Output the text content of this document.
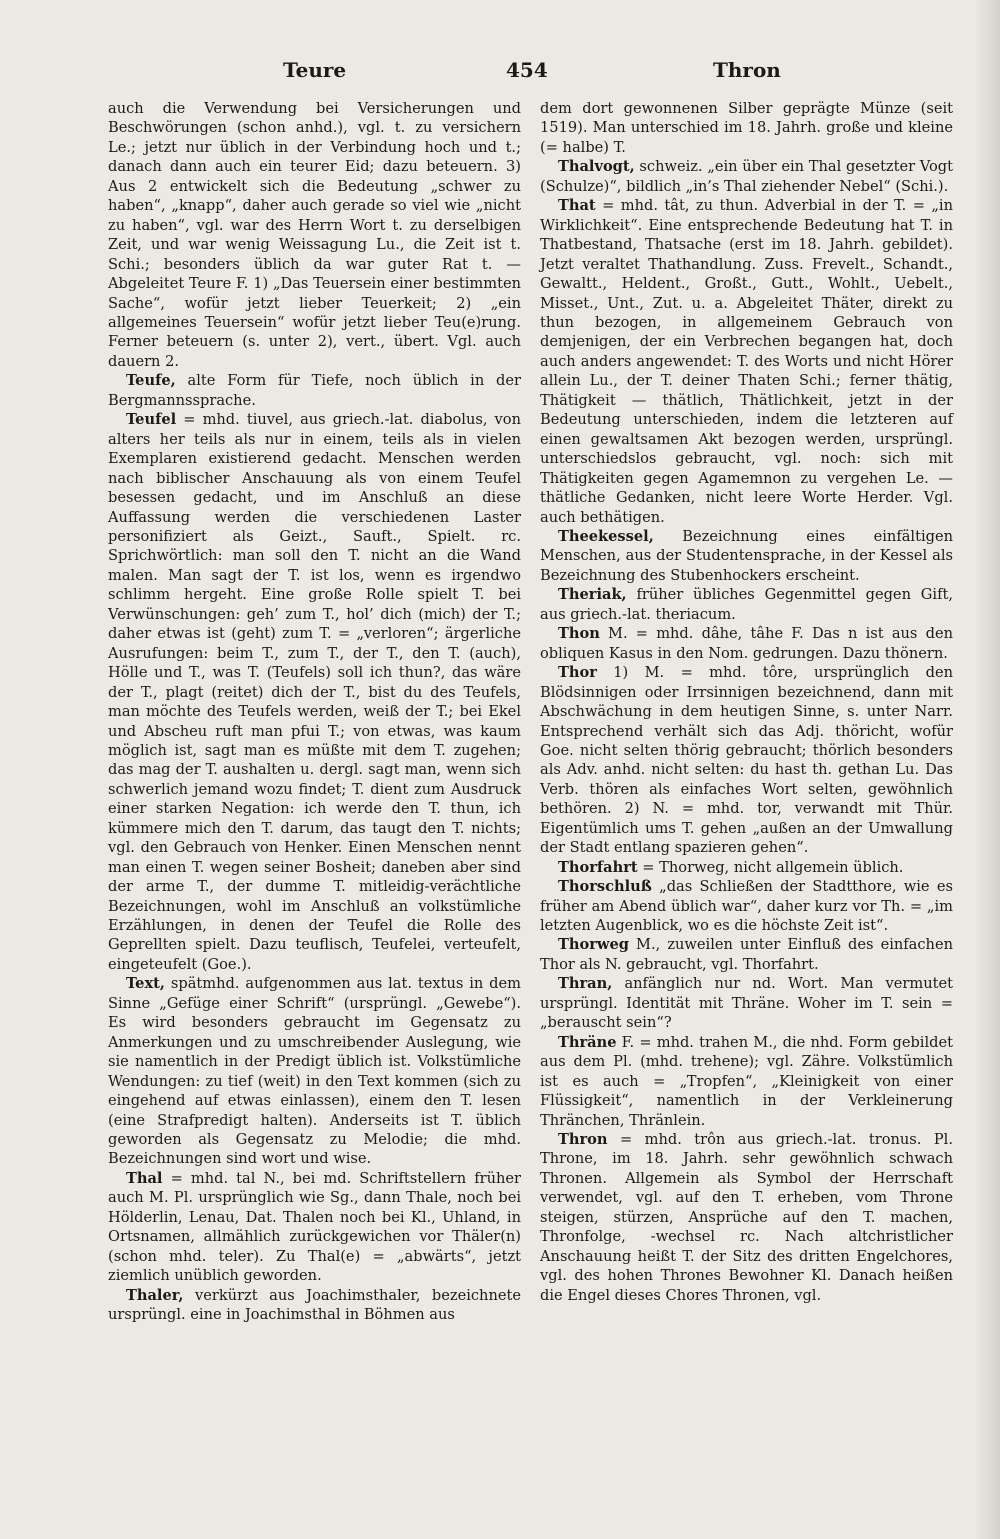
Teure	454	Thron

auch die Verwendung bei Versicherungen und Beschwörungen (schon anhd.), vgl. t. zu versichern Le.; jetzt nur üblich in der Verbindung hoch und t.; danach dann auch ein teurer Eid; dazu beteuern. 3) Aus 2 entwickelt sich die Bedeutung „schwer zu haben“, „knapp“, daher auch gerade so viel wie „nicht zu haben“, vgl. war des Herrn Wort t. zu derselbigen Zeit, und war wenig Weissagung Lu., die Zeit ist t. Schi.; besonders üblich da war guter Rat t. — Abgeleitet Teure F. 1) „Das Teuersein einer bestimmten Sache“, wofür jetzt lieber Teuerkeit; 2) „ein allgemeines Teuersein“ wofür jetzt lieber Teu(e)rung. Ferner beteuern (s. unter 2), vert., übert. Vgl. auch dauern 2.

Teufe, alte Form für Tiefe, noch üblich in der Bergmannssprache.

Teufel = mhd. tiuvel, aus griech.-lat. diabolus, von alters her teils als nur in einem, teils als in vielen Exemplaren existierend gedacht. Menschen werden nach biblischer Anschauung als von einem Teufel besessen gedacht, und im Anschluß an diese Auffassung werden die verschiedenen Laster personifiziert als Geizt., Sauft., Spielt. rc. Sprichwörtlich: man soll den T. nicht an die Wand malen. Man sagt der T. ist los, wenn es irgendwo schlimm hergeht. Eine große Rolle spielt T. bei Verwünschungen: geh’ zum T., hol’ dich (mich) der T.; daher etwas ist (geht) zum T. = „verloren“; ärgerliche Ausrufungen: beim T., zum T., der T., den T. (auch), Hölle und T., was T. (Teufels) soll ich thun?, das wäre der T., plagt (reitet) dich der T., bist du des Teufels, man möchte des Teufels werden, weiß der T.; bei Ekel und Abscheu ruft man pfui T.; von etwas, was kaum möglich ist, sagt man es müßte mit dem T. zugehen; das mag der T. aushalten u. dergl. sagt man, wenn sich schwerlich jemand wozu findet; T. dient zum Ausdruck einer starken Negation: ich werde den T. thun, ich kümmere mich den T. darum, das taugt den T. nichts; vgl. den Gebrauch von Henker. Einen Menschen nennt man einen T. wegen seiner Bosheit; daneben aber sind der arme T., der dumme T. mitleidig-verächtliche Bezeichnungen, wohl im Anschluß an volkstümliche Erzählungen, in denen der Teufel die Rolle des Geprellten spielt. Dazu teuflisch, Teufelei, verteufelt, eingeteufelt (Goe.).

Text, spätmhd. aufgenommen aus lat. textus in dem Sinne „Gefüge einer Schrift“ (ursprüngl. „Gewebe“). Es wird besonders gebraucht im Gegensatz zu Anmerkungen und zu umschreibender Auslegung, wie sie namentlich in der Predigt üblich ist. Volkstümliche Wendungen: zu tief (weit) in den Text kommen (sich zu eingehend auf etwas einlassen), einem den T. lesen (eine Strafpredigt halten). Anderseits ist T. üblich geworden als Gegensatz zu Melodie; die mhd. Bezeichnungen sind wort und wise.

Thal = mhd. tal N., bei md. Schriftstellern früher auch M. Pl. ursprünglich wie Sg., dann Thale, noch bei Hölderlin, Lenau, Dat. Thalen noch bei Kl., Uhland, in Ortsnamen, allmählich zurückgewichen vor Thäler(n) (schon mhd. teler). Zu Thal(e) = „abwärts“, jetzt ziemlich unüblich geworden.

Thaler, verkürzt aus Joachimsthaler, bezeichnete ursprüngl. eine in Joachimsthal in Böhmen aus

dem dort gewonnenen Silber geprägte Münze (seit 1519). Man unterschied im 18. Jahrh. große und kleine (= halbe) T.

Thalvogt, schweiz. „ein über ein Thal gesetzter Vogt (Schulze)“, bildlich „in’s Thal ziehender Nebel“ (Schi.).

That = mhd. tât, zu thun. Adverbial in der T. = „in Wirklichkeit“. Eine entsprechende Bedeutung hat T. in Thatbestand, Thatsache (erst im 18. Jahrh. gebildet). Jetzt veraltet Thathandlung. Zuss. Frevelt., Schandt., Gewaltt., Heldent., Großt., Gutt., Wohlt., Uebelt., Misset., Unt., Zut. u. a. Abgeleitet Thäter, direkt zu thun bezogen, in allgemeinem Gebrauch von demjenigen, der ein Verbrechen begangen hat, doch auch anders angewendet: T. des Worts und nicht Hörer allein Lu., der T. deiner Thaten Schi.; ferner thätig, Thätigkeit — thätlich, Thätlichkeit, jetzt in der Bedeutung unterschieden, indem die letzteren auf einen gewaltsamen Akt bezogen werden, ursprüngl. unterschiedslos gebraucht, vgl. noch: sich mit Thätigkeiten gegen Agamemnon zu vergehen Le. — thätliche Gedanken, nicht leere Worte Herder. Vgl. auch bethätigen.

Theekessel, Bezeichnung eines einfältigen Menschen, aus der Studentensprache, in der Kessel als Bezeichnung des Stubenhockers erscheint.

Theriak, früher übliches Gegenmittel gegen Gift, aus griech.-lat. theriacum.

Thon M. = mhd. dâhe, tâhe F. Das n ist aus den obliquen Kasus in den Nom. gedrungen. Dazu thönern.

Thor 1) M. = mhd. tôre, ursprünglich den Blödsinnigen oder Irrsinnigen bezeichnend, dann mit Abschwächung in dem heutigen Sinne, s. unter Narr. Entsprechend verhält sich das Adj. thöricht, wofür Goe. nicht selten thörig gebraucht; thörlich besonders als Adv. anhd. nicht selten: du hast th. gethan Lu. Das Verb. thören als einfaches Wort selten, gewöhnlich bethören. 2) N. = mhd. tor, verwandt mit Thür. Eigentümlich ums T. gehen „außen an der Umwallung der Stadt entlang spazieren gehen“.

Thorfahrt = Thorweg, nicht allgemein üblich.

Thorschluß „das Schließen der Stadtthore, wie es früher am Abend üblich war“, daher kurz vor Th. = „im letzten Augenblick, wo es die höchste Zeit ist“.

Thorweg M., zuweilen unter Einfluß des einfachen Thor als N. gebraucht, vgl. Thorfahrt.

Thran, anfänglich nur nd. Wort. Man vermutet ursprüngl. Identität mit Thräne. Woher im T. sein = „berauscht sein“?

Thräne F. = mhd. trahen M., die nhd. Form gebildet aus dem Pl. (mhd. trehene); vgl. Zähre. Volkstümlich ist es auch = „Tropfen“, „Kleinigkeit von einer Flüssigkeit“, namentlich in der Verkleinerung Thränchen, Thränlein.

Thron = mhd. trôn aus griech.-lat. tronus. Pl. Throne, im 18. Jahrh. sehr gewöhnlich schwach Thronen. Allgemein als Symbol der Herrschaft verwendet, vgl. auf den T. erheben, vom Throne steigen, stürzen, Ansprüche auf den T. machen, Thronfolge, -wechsel rc. Nach altchristlicher Anschauung heißt T. der Sitz des dritten Engelchores, vgl. des hohen Thrones Bewohner Kl. Danach heißen die Engel dieses Chores Thronen, vgl.
